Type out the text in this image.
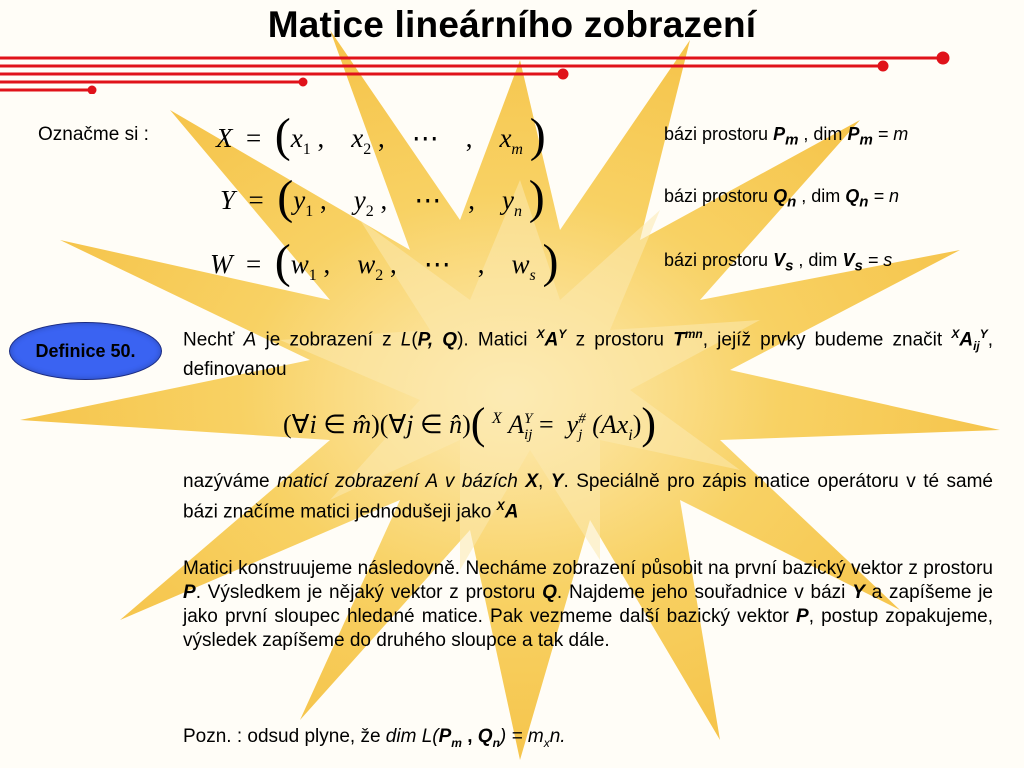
Matice lineárního zobrazení
Označme si : $X = (x_1$ ,    $x_2$ ,    ⋯    ,    $x_m$ )	bázi prostoru $P_m$ , dim $P_m = m$
$Y = (y_1$ ,    $y_2$ ,    ⋯    ,    $y_n$ )	bázi prostoru $Q_n$ , dim $Q_n = n$
$W = (w_1$ ,    $w_2$ ,    ⋯    ,    $w_s$ )	bázi prostoru $V_s$ , dim $V_s = s$
Definice 50.
Nechť A je zobrazení z L(P, Q). Matici $^XA^Y$ z prostoru $T^{mn}$, jejíž prvky budeme značit $^XA_{ij}^Y$, definovanou
(∀i ∈ m̂)(∀j ∈ n̂)( $^X$ A Y
ij =  y #
j $(Ax_i)$)
nazýváme maticí zobrazení A v bázích X, Y. Speciálně pro zápis matice operátoru v té samé bázi značíme matici jednodušeji jako $^X$A
Matici konstruujeme následovně. Necháme zobrazení působit na první bazický vektor z prostoru P. Výsledkem je nějaký vektor z prostoru Q. Najdeme jeho souřadnice v bázi Y a zapíšeme je jako první sloupec hledané matice. Pak vezmeme další bazický vektor P, postup zopakujeme, výsledek zapíšeme do druhého sloupce a tak dále.
Pozn. : odsud plyne, že dim $L(P_m$ , $Q_n) = m_xn$.
